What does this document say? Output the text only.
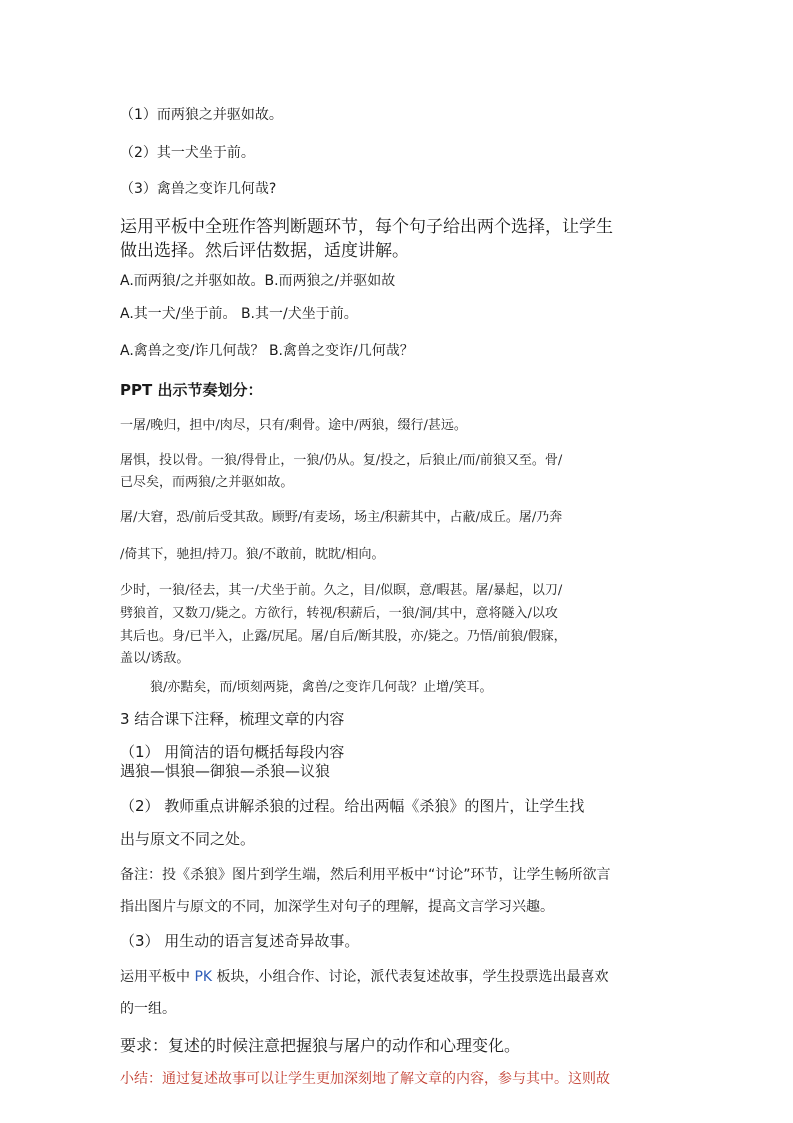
（1）而两狼之并驱如故。
（2）其一犬坐于前。
（3）禽兽之变诈几何哉?
运用平板中全班作答判断题环节，每个句子给出两个选择，让学生
做出选择。然后评估数据，适度讲解。
A.而两狼/之并驱如故。B.而两狼之/并驱如故
A.其一犬/坐于前。 B.其一/犬坐于前。
A.禽兽之变/诈几何哉？ B.禽兽之变诈/几何哉？
PPT 出示节奏划分：
一屠/晚归，担中/肉尽，只有/剩骨。途中/两狼，缀行/甚远。
屠惧，投以骨。一狼/得骨止，一狼/仍从。复/投之，后狼止/而/前狼又至。骨/
已尽矣，而两狼/之并驱如故。
屠/大窘，恐/前后受其敌。顾野/有麦场，场主/积薪其中，占蔽/成丘。屠/乃奔
/倚其下，驰担/持刀。狼/不敢前，眈眈/相向。
少时，一狼/径去，其一/犬坐于前。久之，目/似瞑，意/暇甚。屠/暴起，以刀/
劈狼首，又数刀/毙之。方欲行，转视/积薪后，一狼/洞/其中，意将隧入/以攻
其后也。身/已半入，止露/尻尾。屠/自后/断其股，亦/毙之。乃悟/前狼/假寐，
盖以/诱敌。
狼/亦黠矣，而/顷刻两毙，禽兽/之变诈几何哉？止增/笑耳。
3 结合课下注释，梳理文章的内容
（1） 用简洁的语句概括每段内容
遇狼—惧狼—御狼—杀狼—议狼
（2） 教师重点讲解杀狼的过程。给出两幅《杀狼》的图片，让学生找
出与原文不同之处。
备注：投《杀狼》图片到学生端，然后利用平板中“讨论”环节，让学生畅所欲言
指出图片与原文的不同，加深学生对句子的理解，提高文言学习兴趣。
（3） 用生动的语言复述奇异故事。
运用平板中 PK 板块，小组合作、讨论，派代表复述故事，学生投票选出最喜欢
的一组。
要求：复述的时候注意把握狼与屠户的动作和心理变化。
小结：通过复述故事可以让学生更加深刻地了解文章的内容，参与其中。这则故
